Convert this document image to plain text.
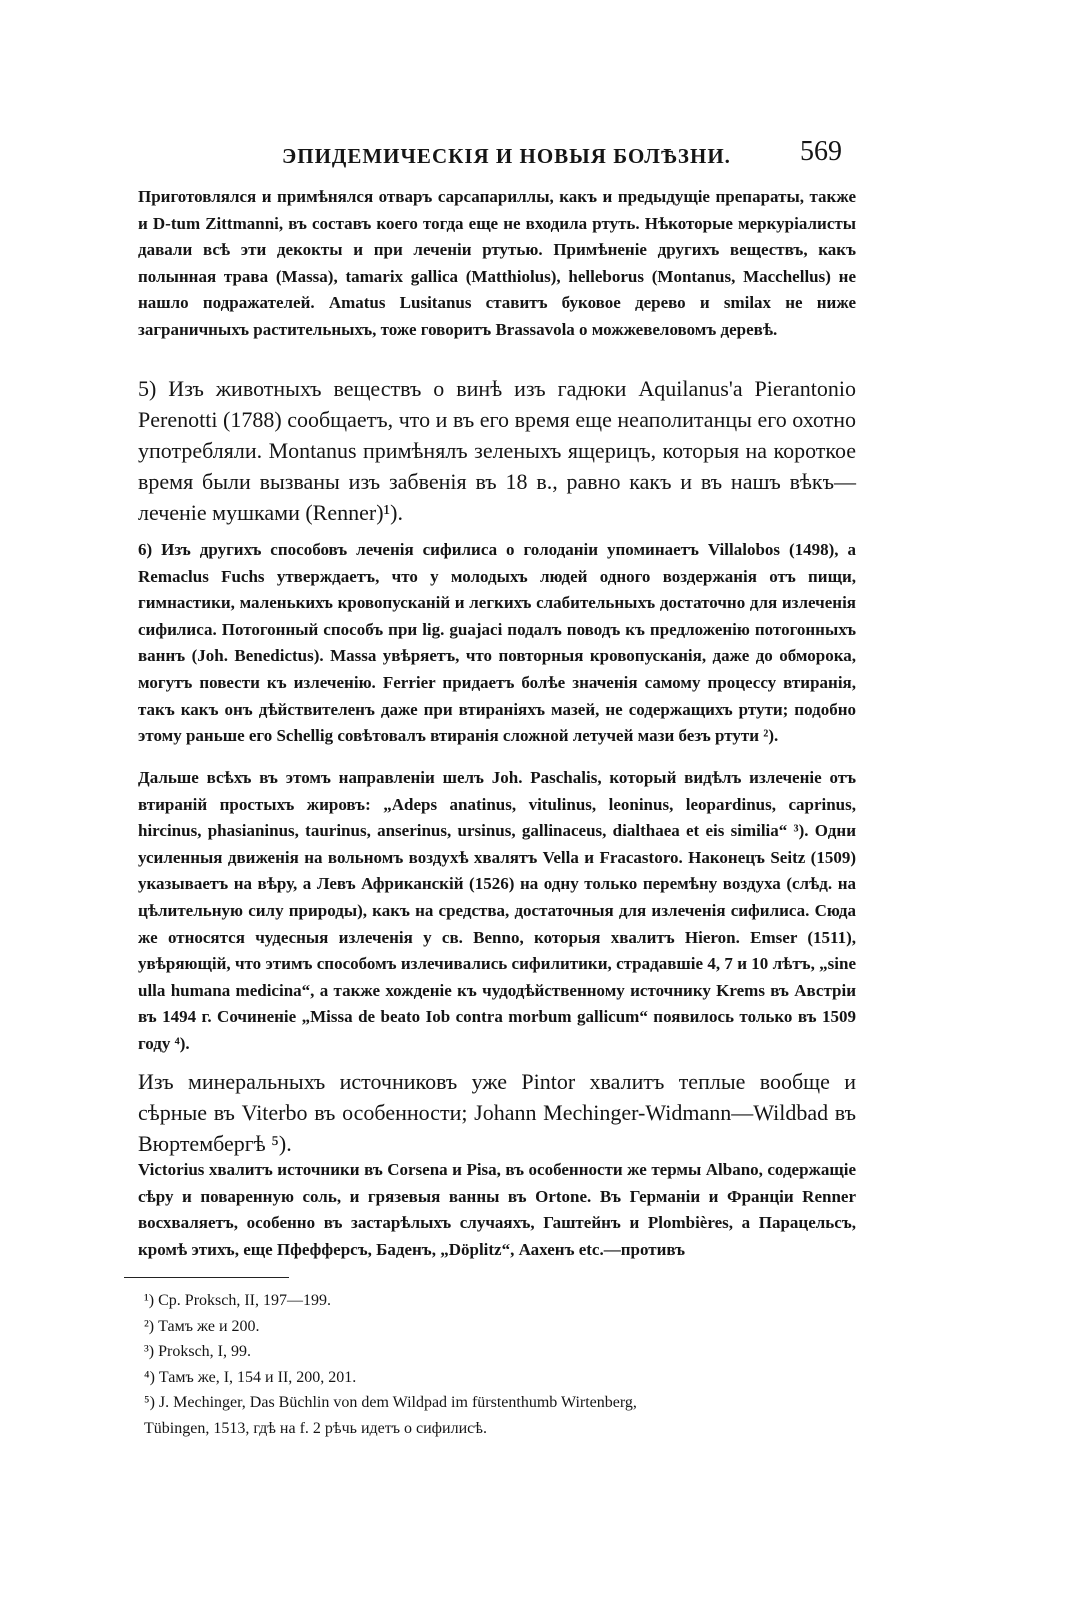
ЭПИДЕМИЧЕСКІЯ И НОВЫЯ БОЛѢЗНИ. 569

Приготовлялся и примѣнялся отваръ сарсапариллы, какъ и предыдущіе препараты, также и D-tum Zittmanni, въ составъ коего тогда еще не входила ртуть. Нѣкоторые меркуріалисты давали всѣ эти декокты и при леченіи ртутью. Примѣненіе другихъ веществъ, какъ полынная трава (Massa), tamarix gallica (Matthiolus), helleborus (Montanus, Macchellus) не нашло подражателей. Amatus Lusitanus ставитъ буковое дерево и smilax не ниже заграничныхъ растительныхъ, тоже говоритъ Brassavola о можжевеловомъ деревѣ.

5) Изъ животныхъ веществъ о винѣ изъ гадюки Aquilanus'a Pierantonio Perenotti (1788) сообщаетъ, что и въ его время еще неаполитанцы его охотно употребляли. Montanus примѣнялъ зеленыхъ ящерицъ, которыя на короткое время были вызваны изъ забвенія въ 18 в., равно какъ и въ нашъ вѣкъ—леченіе мушками (Renner)¹).

6) Изъ другихъ способовъ леченія сифилиса о голоданіи упоминаетъ Villalobos (1498), a Remaclus Fuchs утверждаетъ, что у молодыхъ людей одного воздержанія отъ пищи, гимнастики, маленькихъ кровопусканій и легкихъ слабительныхъ достаточно для излеченія сифилиса. Потогонный способъ при lig. guajaci подалъ поводъ къ предложенію потогонныхъ ваннъ (Joh. Benedictus). Massa увѣряетъ, что повторныя кровопусканія, даже до обморока, могутъ повести къ излеченію. Ferrier придаетъ болѣе значенія самому процессу втиранія, такъ какъ онъ дѣйствителенъ даже при втираніяхъ мазей, не содержащихъ ртути; подобно этому раньше его Schellig совѣтовалъ втиранія сложной летучей мази безъ ртути ²).

Дальше всѣхъ въ этомъ направленіи шелъ Joh. Paschalis, который видѣлъ излеченіе отъ втираній простыхъ жировъ: „Adeps anatinus, vitulinus, leoninus, leopardinus, caprinus, hircinus, phasianinus, taurinus, anserinus, ursinus, gallinaceus, dialthaea et eis similia“ ³). Одни усиленныя движенія на вольномъ воздухѣ хвалятъ Vella и Fracastoro. Наконецъ Seitz (1509) указываетъ на вѣру, а Левъ Африканскій (1526) на одну только перемѣну воздуха (слѣд. на цѣлительную силу природы), какъ на средства, достаточныя для излеченія сифилиса. Сюда же относятся чудесныя излеченія у св. Benno, которыя хвалитъ Hieron. Emser (1511), увѣряющій, что этимъ способомъ излечивались сифилитики, страдавшіе 4, 7 и 10 лѣтъ, „sine ulla humana medicina“, а также хожденіе къ чудодѣйственному источнику Krems въ Австріи въ 1494 г. Сочиненіе „Missa de beato Iob contra morbum gallicum“ появилось только въ 1509 году ⁴).

Изъ минеральныхъ источниковъ уже Pintor хвалитъ теплые вообще и сѣрные въ Viterbo въ особенности; Johann Mechinger-Widmann—Wildbad въ Вюртембергѣ ⁵).

Victorius хвалитъ источники въ Corsena и Pisa, въ особенности же термы Albano, содержащіе сѣру и поваренную соль, и грязевыя ванны въ Ortone. Въ Германіи и Франціи Renner восхваляетъ, особенно въ застарѣлыхъ случаяхъ, Гаштейнъ и Plombières, а Парацельсъ, кромѣ этихъ, еще Пфефферсъ, Баденъ, „Döplitz“, Аахенъ etc.—противъ

¹) Ср. Proksch, II, 197—199.

²) Тамъ же и 200.

³) Proksch, I, 99.

⁴) Тамъ же, I, 154 и II, 200, 201.

⁵) J. Mechinger, Das Büchlin von dem Wildpad im fürstenthumb Wirtenberg,

Tübingen, 1513, гдѣ на f. 2 рѣчь идетъ о сифилисѣ.
